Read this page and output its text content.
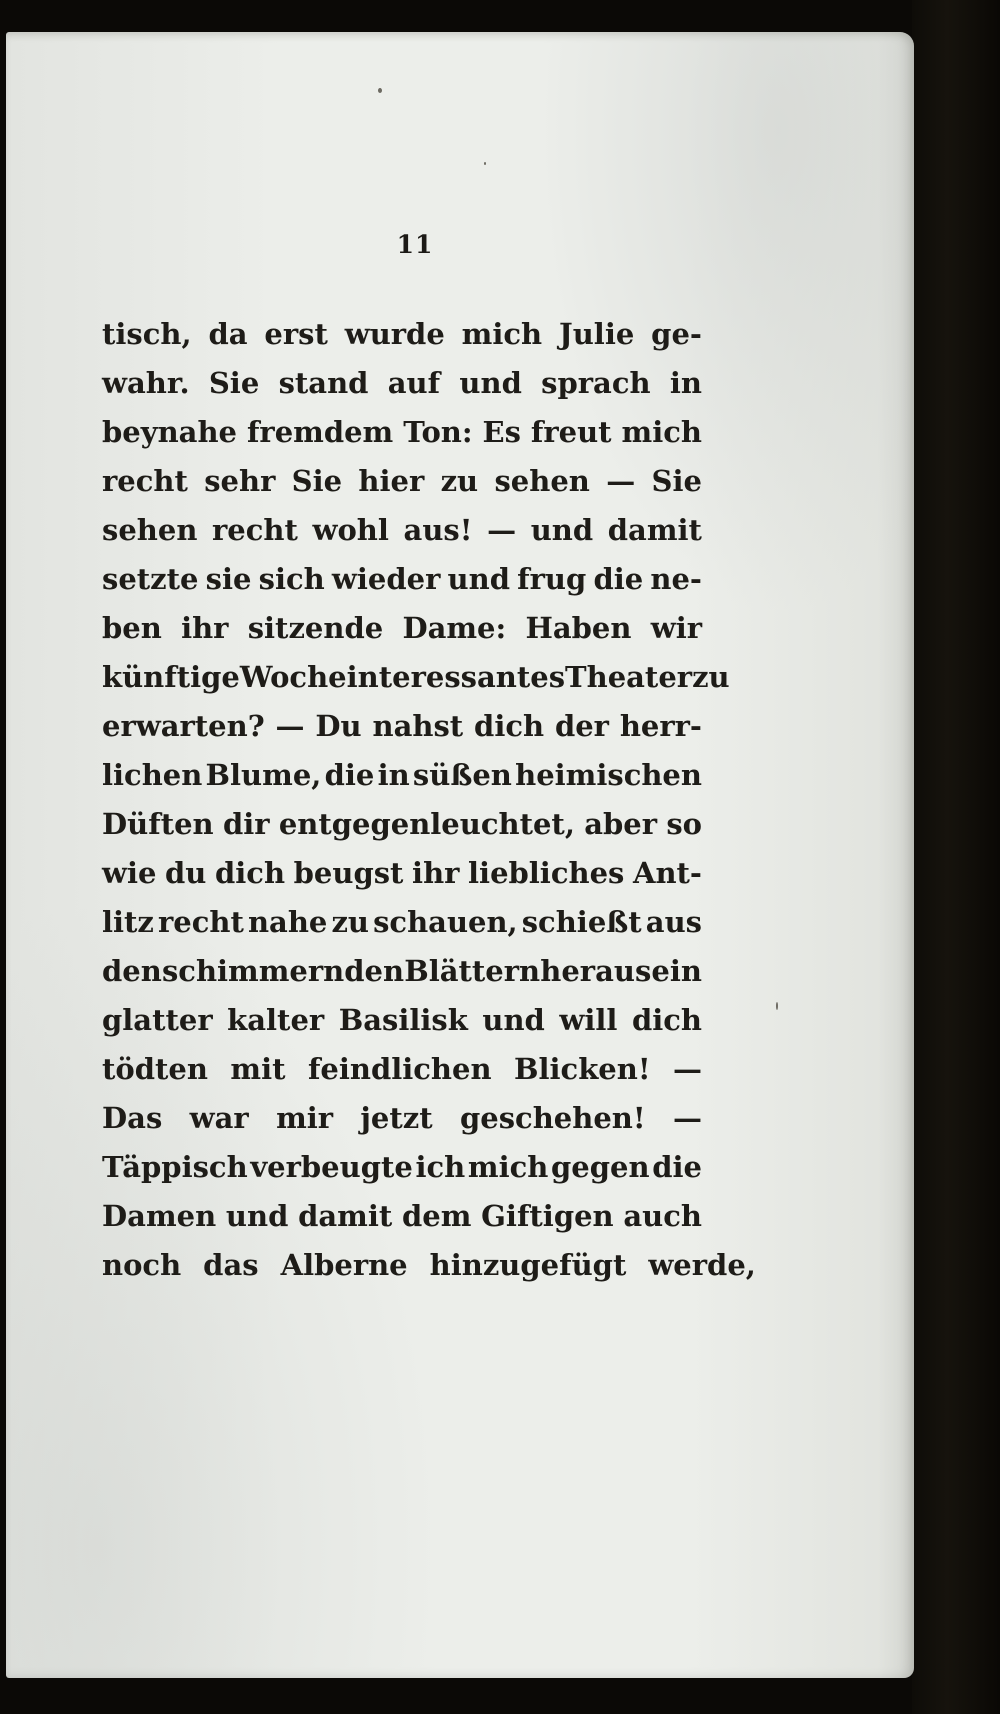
11
tisch, da erst wurde mich Julie ge-
wahr. Sie stand auf und sprach in
beynahe fremdem Ton: Es freut mich
recht sehr Sie hier zu sehen — Sie
sehen recht wohl aus! — und damit
setzte sie sich wieder und frug die ne-
ben ihr sitzende Dame: Haben wir
künftige Woche interessantes Theater zu
erwarten? — Du nahst dich der herr-
lichen Blume, die in süßen heimischen
Düften dir entgegenleuchtet, aber so
wie du dich beugst ihr liebliches Ant-
litz recht nahe zu schauen, schießt aus
den schimmernden Blättern heraus ein
glatter kalter Basilisk und will dich
tödten mit feindlichen Blicken! —
Das war mir jetzt geschehen! —
Täppisch verbeugte ich mich gegen die
Damen und damit dem Giftigen auch
noch das Alberne hinzugefügt werde,
